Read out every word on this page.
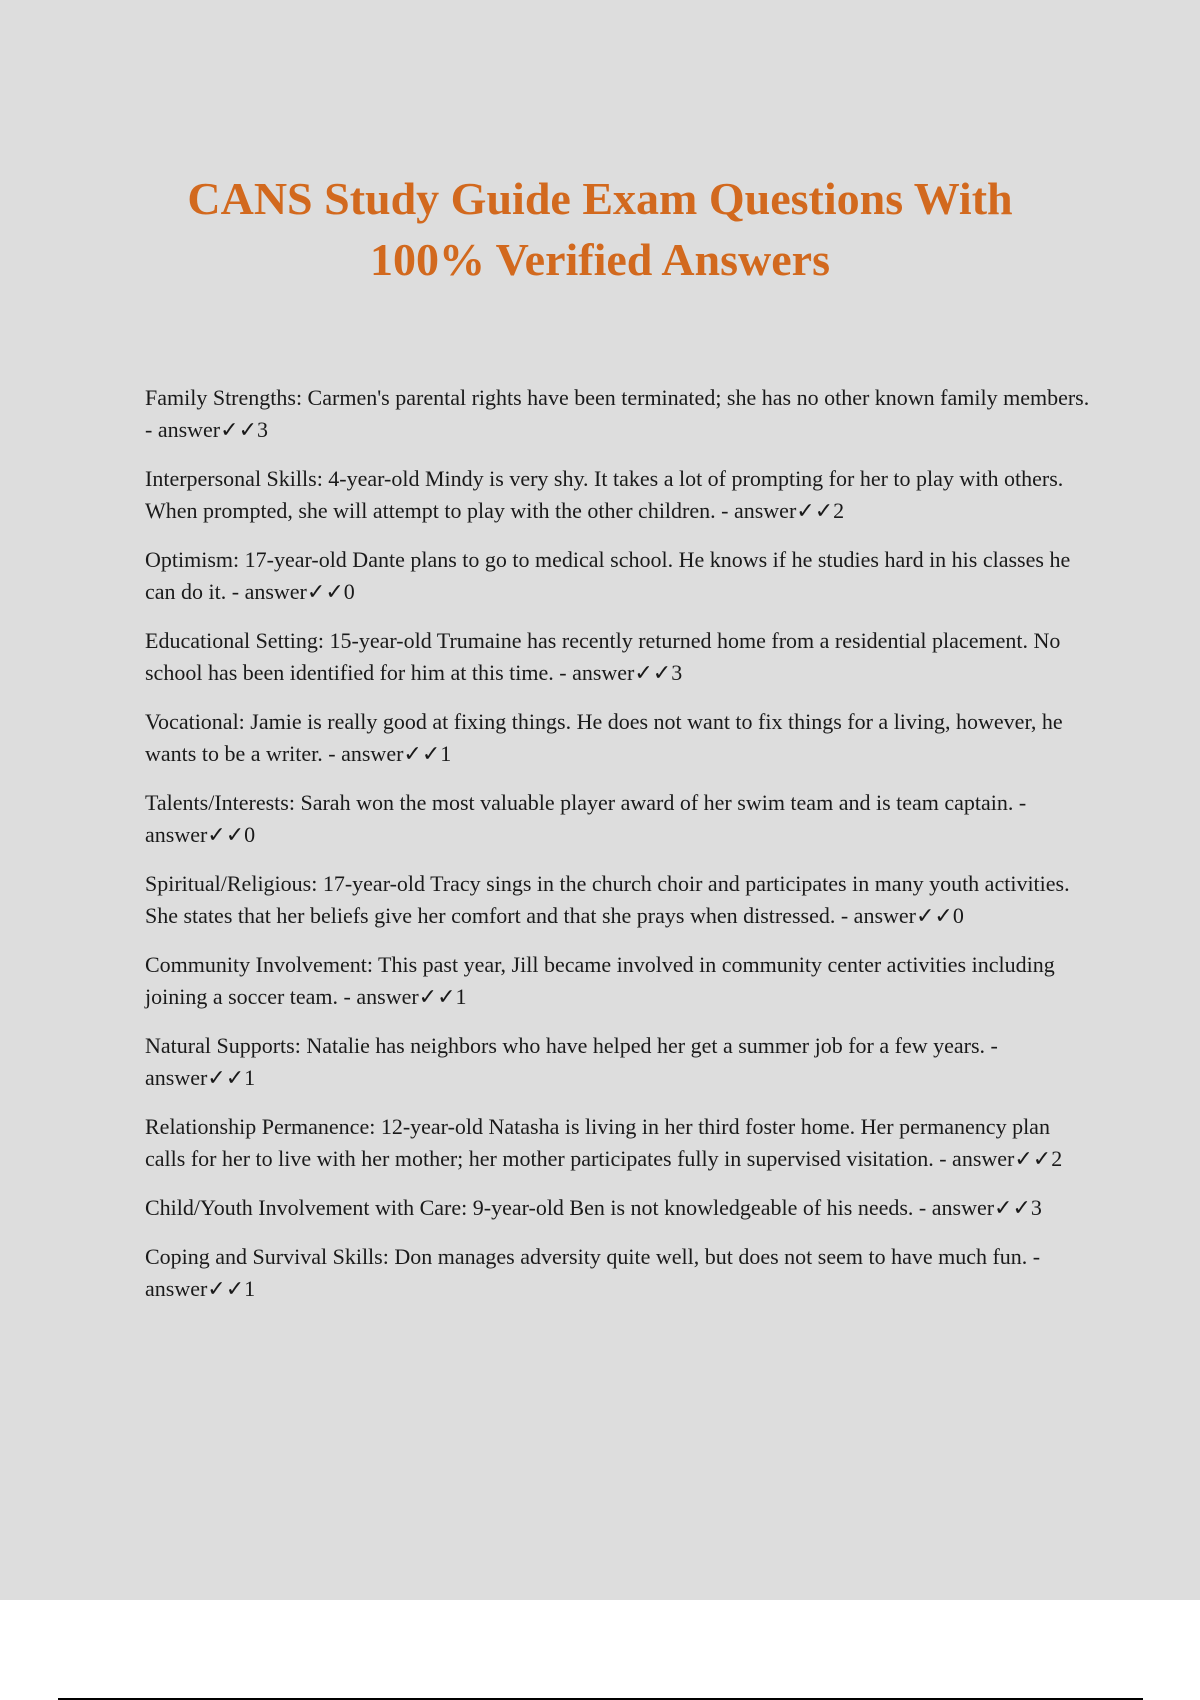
CANS Study Guide Exam Questions With
100% Verified Answers
Family Strengths: Carmen's parental rights have been terminated; she has no other known family members. - answer✓✓3
Interpersonal Skills: 4-year-old Mindy is very shy. It takes a lot of prompting for her to play with others. When prompted, she will attempt to play with the other children. - answer✓✓2
Optimism: 17-year-old Dante plans to go to medical school. He knows if he studies hard in his classes he can do it. - answer✓✓0
Educational Setting: 15-year-old Trumaine has recently returned home from a residential placement. No school has been identified for him at this time. - answer✓✓3
Vocational: Jamie is really good at fixing things. He does not want to fix things for a living, however, he wants to be a writer. - answer✓✓1
Talents/Interests: Sarah won the most valuable player award of her swim team and is team captain. - answer✓✓0
Spiritual/Religious: 17-year-old Tracy sings in the church choir and participates in many youth activities. She states that her beliefs give her comfort and that she prays when distressed. - answer✓✓0
Community Involvement: This past year, Jill became involved in community center activities including joining a soccer team. - answer✓✓1
Natural Supports: Natalie has neighbors who have helped her get a summer job for a few years. - answer✓✓1
Relationship Permanence: 12-year-old Natasha is living in her third foster home. Her permanency plan calls for her to live with her mother; her mother participates fully in supervised visitation. - answer✓✓2
Child/Youth Involvement with Care: 9-year-old Ben is not knowledgeable of his needs. - answer✓✓3
Coping and Survival Skills: Don manages adversity quite well, but does not seem to have much fun. - answer✓✓1
